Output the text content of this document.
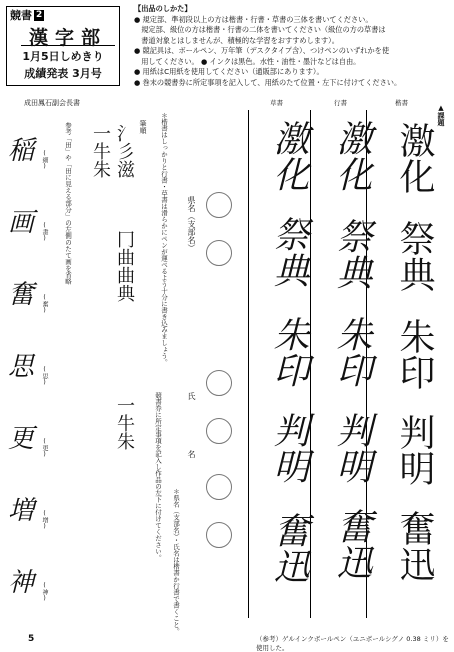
競書 2
漢字部
1月5日しめきり
成績発表 3月号
成田鳳石副会長書

【出品のしかた】

● 規定部、準初段以上の方は楷書・行書・草書の三体を書いてください。

　規定部、級位の方は楷書・行書の二体を書いてください（級位の方の草書は

　書道対象とはしませんが、積極的な学習をおすすめします）。

● 競記具は、ボールペン、万年筆（デスクタイプ含）、つけペンのいずれかを使

　用してください。 ● インクは黒色。水性・油性・墨汁などは自由。

● 用紙はC用紙を使用してください（通販部にあります）。

● 巻末の競書券に所定事項を記入して、用紙のたて位置・左下に付けてください。

▲課題
楷書
行書
草書
激化
祭典
朱印
判明
奮迅
激化
祭典
朱印
判明
奮迅
激化
祭典
朱印
判明
奮迅
県名（支部名）
氏
名
＊県名（支部名）・氏名は楷書か行書で書くこと。
＊楷書はしっかりと行書・草書は滑らかにペンが運べるよう十分に書き込みましょう。
競書券に所定事項を記入し作品の左下に付けてください。
筆順
氵彡滋
冂曲曲典
一牛朱
一牛朱
参考「田」や「田に見える部分」の左側のたて画を省略
稲 (細)
画 (畫)
奮 (奮)
思 (思)
更 (更)
増 (増)
神 (神)
5	（参考）ゲルインクボールペン（ユニボールシグノ 0.38 ミリ）を使用した。
